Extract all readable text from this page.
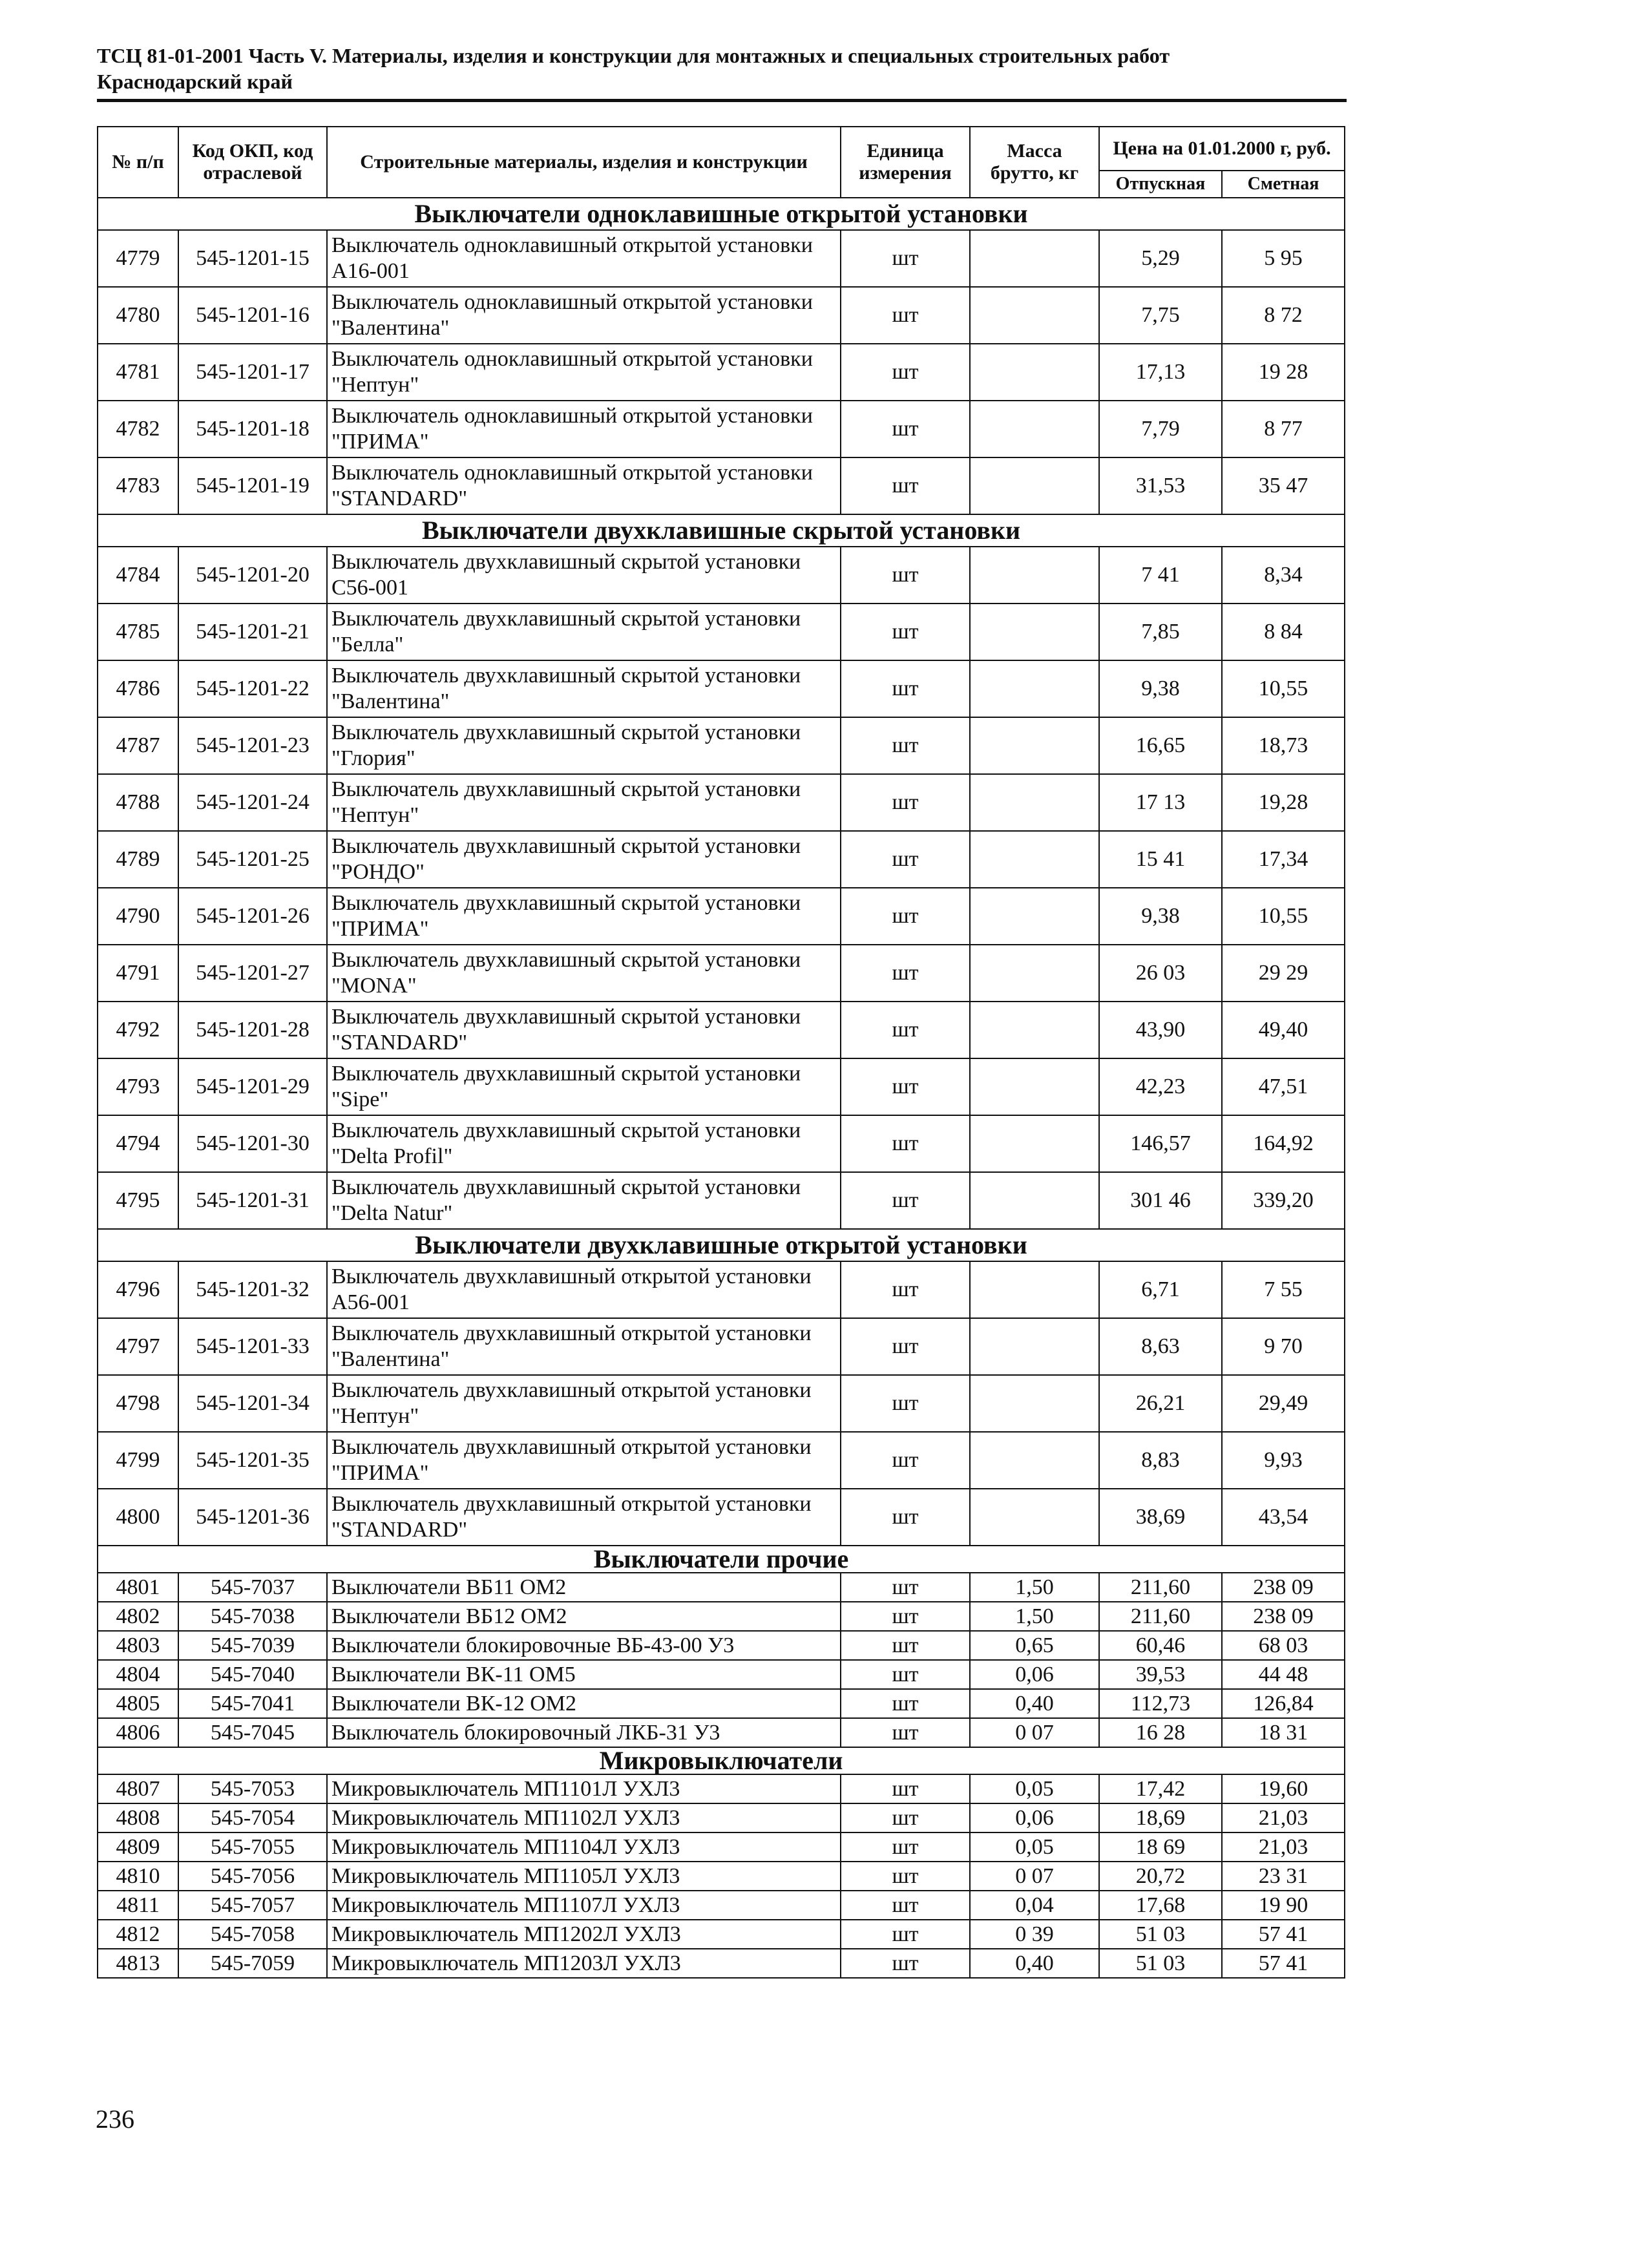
ТСЦ 81-01-2001 Часть V. Материалы, изделия и конструкции для монтажных и специальных строительных работ
Краснодарский край
№ п/п	Код ОКП, код отраслевой	Строительные материалы, изделия и конструкции	Единица измерения	Масса брутто, кг	Цена на 01.01.2000 г, руб.	
					Отпускная	Сметная
Выключатели одноклавишные открытой установки						
4779	545-1201-15	Выключатель одноклавишный открытой установки А16-001	шт		5,29	5 95
4780	545-1201-16	Выключатель одноклавишный открытой установки "Валентина"	шт		7,75	8 72
4781	545-1201-17	Выключатель одноклавишный открытой установки "Нептун"	шт		17,13	19 28
4782	545-1201-18	Выключатель одноклавишный открытой установки "ПРИМА"	шт		7,79	8 77
4783	545-1201-19	Выключатель одноклавишный открытой установки "STANDARD"	шт		31,53	35 47
Выключатели двухклавишные скрытой установки						
4784	545-1201-20	Выключатель двухклавишный скрытой установки С56-001	шт		7 41	8,34
4785	545-1201-21	Выключатель двухклавишный скрытой установки "Белла"	шт		7,85	8 84
4786	545-1201-22	Выключатель двухклавишный скрытой установки "Валентина"	шт		9,38	10,55
4787	545-1201-23	Выключатель двухклавишный скрытой установки "Глория"	шт		16,65	18,73
4788	545-1201-24	Выключатель двухклавишный скрытой установки "Нептун"	шт		17 13	19,28
4789	545-1201-25	Выключатель двухклавишный скрытой установки "РОНДО"	шт		15 41	17,34
4790	545-1201-26	Выключатель двухклавишный скрытой установки "ПРИМА"	шт		9,38	10,55
4791	545-1201-27	Выключатель двухклавишный скрытой установки "MONA"	шт		26 03	29 29
4792	545-1201-28	Выключатель двухклавишный скрытой установки "STANDARD"	шт		43,90	49,40
4793	545-1201-29	Выключатель двухклавишный скрытой установки "Sipe"	шт		42,23	47,51
4794	545-1201-30	Выключатель двухклавишный скрытой установки "Delta Profil"	шт		146,57	164,92
4795	545-1201-31	Выключатель двухклавишный скрытой установки "Delta Natur"	шт		301 46	339,20
Выключатели двухклавишные открытой установки						
4796	545-1201-32	Выключатель двухклавишный открытой установки А56-001	шт		6,71	7 55
4797	545-1201-33	Выключатель двухклавишный открытой установки "Валентина"	шт		8,63	9 70
4798	545-1201-34	Выключатель двухклавишный открытой установки "Нептун"	шт		26,21	29,49
4799	545-1201-35	Выключатель двухклавишный открытой установки "ПРИМА"	шт		8,83	9,93
4800	545-1201-36	Выключатель двухклавишный открытой установки "STANDARD"	шт		38,69	43,54
Выключатели прочие						
4801	545-7037	Выключатели ВБ11 ОМ2	шт	1,50	211,60	238 09
4802	545-7038	Выключатели ВБ12 ОМ2	шт	1,50	211,60	238 09
4803	545-7039	Выключатели блокировочные ВБ-43-00 У3	шт	0,65	60,46	68 03
4804	545-7040	Выключатели ВК-11 ОМ5	шт	0,06	39,53	44 48
4805	545-7041	Выключатели ВК-12 ОМ2	шт	0,40	112,73	126,84
4806	545-7045	Выключатель блокировочный ЛКБ-31 У3	шт	0 07	16 28	18 31
Микровыключатели						
4807	545-7053	Микровыключатель МП1101Л УХЛ3	шт	0,05	17,42	19,60
4808	545-7054	Микровыключатель МП1102Л УХЛ3	шт	0,06	18,69	21,03
4809	545-7055	Микровыключатель МП1104Л УХЛ3	шт	0,05	18 69	21,03
4810	545-7056	Микровыключатель МП1105Л УХЛ3	шт	0 07	20,72	23 31
4811	545-7057	Микровыключатель МП1107Л УХЛ3	шт	0,04	17,68	19 90
4812	545-7058	Микровыключатель МП1202Л УХЛ3	шт	0 39	51 03	57 41
4813	545-7059	Микровыключатель МП1203Л УХЛ3	шт	0,40	51 03	57 41
236
